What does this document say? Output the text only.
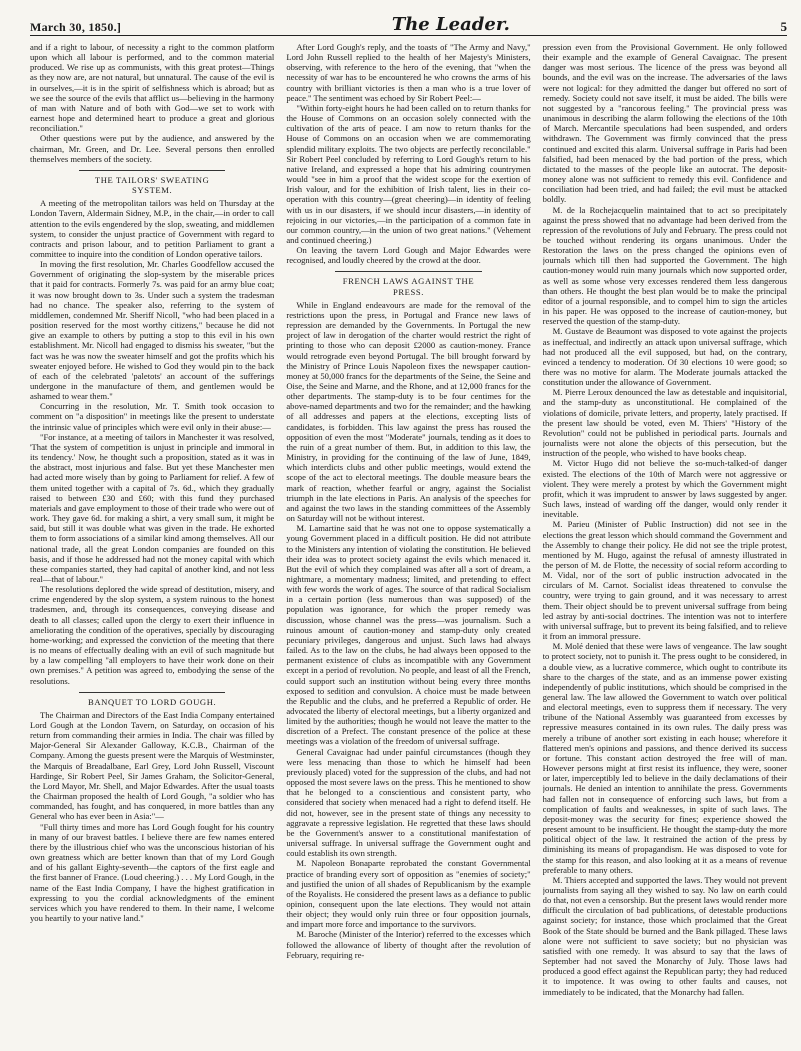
March 30, 1850.]	The Leader.	5

and if a right to labour, of necessity a right to the common platform upon which all labour is performed, and to the common material produced. We rise up as communists, with this great protest—Things as they now are, are not natural, but unnatural. The cause of the evil is in ourselves,—it is in the spirit of selfishness which is abroad; but as we see the source of the evils that afflict us—believing in the harmony of man with Nature and of both with God—we set to work with earnest hope and determined heart to produce a great and glorious reconciliation."

Other questions were put by the audience, and answered by the chairman, Mr. Green, and Dr. Lee. Several persons then enrolled themselves members of the society.

THE TAILORS' SWEATING SYSTEM.

A meeting of the metropolitan tailors was held on Thursday at the London Tavern, Aldermain Sidney, M.P., in the chair,—in order to call attention to the evils engendered by the slop, sweating, and middlemen system, to consider the unjust practice of Government with regard to contracts and prison labour, and to petition Parliament to grant a committee to inquire into the condition of London operative tailors.

In moving the first resolution, Mr. Charles Goodfellow accused the Government of originating the slop-system by the miserable prices that it paid for contracts. Formerly 7s. was paid for an army blue coat; it was now brought down to 3s. Under such a system the tradesman had no chance. The speaker also, referring to the system of middlemen, condemned Mr. Sheriff Nicoll, "who had been placed in a position reserved for the most worthy citizens," because he did not give an example to others by putting a stop to this evil in his own establishment. Mr. Nicoll had engaged to dismiss his sweater, "but the fact was he was now the sweater himself and got the profits which his sweater enjoyed before. He wished to God they would pin to the back of each of the celebrated 'paletots' an account of the sufferings undergone in the manufacture of them, and gentlemen would be ashamed to wear them."

Concurring in the resolution, Mr. T. Smith took occasion to comment on "a disposition" in meetings like the present to understate the intrinsic value of principles which were evil only in their abuse:—

"For instance, at a meeting of tailors in Manchester it was resolved, 'That the system of competition is unjust in principle and immoral in its tendency.' Now, he thought such a proposition, stated as it was in the abstract, most injurious and false. But yet these Manchester men had acted more wisely than by going to Parliament for relief. A few of them united together with a capital of 7s. 6d., which they gradually raised to between £30 and £60; with this fund they purchased materials and gave employment to those of their trade who were out of work. They gave 6d. for making a shirt, a very small sum, it might be said, but still it was double what was given in the trade. He exhorted them to form associations of a similar kind among themselves. All our national trade, all the great London companies are founded on this basis, and if those he addressed had not the money capital with which these companies started, they had capital of another kind, and not less real—that of labour."

The resolutions deplored the wide spread of destitution, misery, and crime engendered by the slop system, a system ruinous to the honest tradesmen, and, through its consequences, conveying disease and death to all classes; called upon the clergy to exert their influence in ameliorating the condition of the operatives, specially by discouraging home-working; and expressed the conviction of the meeting that there is no means of effectually dealing with an evil of such magnitude but by a law compelling "all employers to have their work done on their own premises." A petition was agreed to, embodying the sense of the resolutions.

BANQUET TO LORD GOUGH.

The Chairman and Directors of the East India Company entertained Lord Gough at the London Tavern, on Saturday, on occasion of his return from commanding their armies in India. The chair was filled by Major-General Sir Alexander Galloway, K.C.B., Chairman of the Company. Among the guests present were the Marquis of Westminster, the Marquis of Breadalbane, Earl Grey, Lord John Russell, Viscount Hardinge, Sir Robert Peel, Sir James Graham, the Solicitor-General, the Lord Mayor, Mr. Shell, and Major Edwardes. After the usual toasts the Chairman proposed the health of Lord Gough, "a soldier who has commanded, has fought, and has conquered, in more battles than any General who has ever been in Asia:"—

"Full thirty times and more has Lord Gough fought for his country in many of our bravest battles. I believe there are few names entered there by the illustrious chief who was the unconscious historian of his own greatness which are better known than that of my Lord Gough and of his gallant Eighty-seventh—the captors of the first eagle and the first banner of France. (Loud cheering.) . . . My Lord Gough, in the name of the East India Company, I have the highest gratification in expressing to you the cordial acknowledgments of the eminent services which you have rendered to them. In their name, I welcome you heartily to your native land."

After Lord Gough's reply, and the toasts of "The Army and Navy," Lord John Russell replied to the health of her Majesty's Ministers, observing, with reference to the hero of the evening, that "when the necessity of war has to be encountered he who crowns the arms of his country with brilliant victories is then a man who is a true lover of peace." The sentiment was echoed by Sir Robert Peel:—

"Within forty-eight hours he had been called on to return thanks for the House of Commons on an occasion solely connected with the cultivation of the arts of peace. I am now to return thanks for the House of Commons on an occasion when we are commemorating splendid military exploits. The two objects are perfectly reconcilable." Sir Robert Peel concluded by referring to Lord Gough's return to his native Ireland, and expressed a hope that his admiring countrymen would "see in him a proof that the widest scope for the exertion of Irish valour, and for the exhibition of Irish talent, lies in their co-operation with this country—(great cheering)—in identity of feeling with us in our disasters, if we should incur disasters,—in identity of rejoicing in our victories,—in the participation of a common fate in our common country,—in the union of two great nations." (Vehement and continued cheering.)

On leaving the tavern Lord Gough and Major Edwardes were recognised, and loudly cheered by the crowd at the door.

FRENCH LAWS AGAINST THE PRESS.

While in England endeavours are made for the removal of the restrictions upon the press, in Portugal and France new laws of repression are demanded by the Governments. In Portugal the new project of law in derogation of the charter would restrict the right of printing to those who can deposit £2000 as caution-money. France would retrograde even beyond Portugal. The bill brought forward by the Ministry of Prince Louis Napoleon fixes the newspaper caution-money at 50,000 francs for the departments of the Seine, the Seine and Oise, the Seine and Marne, and the Rhone, and at 12,000 francs for the other departments. The stamp-duty is to be four centimes for the above-named departments and two for the remainder; and the hawking of all addresses and papers at the elections, excepting lists of candidates, is forbidden. This law against the press has roused the opposition of even the most "Moderate" journals, tending as it does to the ruin of a great number of them. But, in addition to this law, the Ministry, in providing for the continuing of the law of June, 1849, which interdicts clubs and other public meetings, would extend the scope of the act to electoral meetings. The double measure bears the mark of reaction, whether fearful or angry, against the Socialist triumph in the late elections in Paris. An analysis of the speeches for and against the two laws in the standing committees of the Assembly on Saturday will not be without interest.

M. Lamartine said that he was not one to oppose systematically a young Government placed in a difficult position. He did not attribute to the Ministers any intention of violating the constitution. He believed their idea was to protect society against the evils which menaced it. But the evil of which they complained was after all a sort of dream, a nightmare, a momentary madness; limited, and pretending to effect with few words the work of ages. The source of that radical Socialism in a certain portion (less numerous than was supposed) of the population was ignorance, for which the proper remedy was discussion, whose channel was the press—was journalism. Such a ruinous amount of caution-money and stamp-duty only created pecuniary privileges, dangerous and unjust. Such laws had always failed. As to the law on the clubs, he had always been opposed to the permanent existence of clubs as incompatible with any Government except in a period of revolution. No people, and least of all the French, could support such an institution without being every three months exposed to sedition and convulsion. A choice must be made between the Republic and the clubs, and he preferred a Republic of order. He advocated the liberty of electoral meetings, but a liberty organized and limited by the authorities; though he would not leave the matter to the discretion of a Prefect. The constant presence of the police at these meetings was a violation of the freedom of universal suffrage.

General Cavaignac had under painful circumstances (though they were less menacing than those to which he himself had been previously placed) voted for the suppression of the clubs, and had not opposed the most severe laws on the press. This he mentioned to show that he belonged to a conscientious and consistent party, who considered that society when menaced had a right to defend itself. He did not, however, see in the present state of things any necessity to aggravate a repressive legislation. He regretted that these laws should be the Government's answer to a constitutional manifestation of universal suffrage. In universal suffrage the Government ought and could establish its own strength.

M. Napoleon Bonaparte reprobated the constant Governmental practice of branding every sort of opposition as "enemies of society;" and justified the union of all shades of Republicanism by the example of the Royalists. He considered the present laws as a defiance to public opinion, consequent upon the late elections. They would not attain their object; they would only ruin three or four opposition journals, and impart more force and importance to the survivors.

M. Baroche (Minister of the Interior) referred to the excesses which followed the allowance of liberty of thought after the revolution of February, requiring re-

pression even from the Provisional Government. He only followed their example and the example of General Cavaignac. The present danger was most serious. The licence of the press was beyond all bounds, and the evil was on the increase. The adversaries of the laws were not logical: for they admitted the danger but offered no sort of remedy. Society could not save itself, it must be aided. The bills were not suggested by a "rancorous feeling." The provincial press was unanimous in describing the alarm following the elections of the 10th of March. Mercantile speculations had been suspended, and orders withdrawn. The Government was firmly convinced that the press continued and excited this alarm. Universal suffrage in Paris had been falsified, had been menaced by the bad portion of the press, which dictated to the masses of the people like an autocrat. The deposit-money alone was not sufficient to remedy this evil. Confidence and conciliation had been tried, and had failed; the evil must be attacked boldly.

M. de la Rochejacquelin maintained that to act so precipitately against the press showed that no advantage had been derived from the repression of the revolutions of July and February. The press could not be touched without rendering its organs unanimous. Under the Restoration the laws on the press changed the opinions even of journals which till then had supported the Government. The high caution-money would ruin many journals which now supported order, as well as some whose very excesses rendered them less dangerous than others. He thought the best plan would be to make the principal editor of a journal responsible, and to compel him to sign the articles in his paper. He was opposed to the increase of caution-money, but reserved the question of the stamp-duty.

M. Gustave de Beaumont was disposed to vote against the projects as ineffectual, and indirectly an attack upon universal suffrage, which had not produced all the evil supposed, but had, on the contrary, evinced a tendency to moderation. Of 30 elections 10 were good; so there was no motive for alarm. The Moderate journals attacked the constitution under the allowance of Government.

M. Pierre Leroux denounced the law as detestable and inquisitorial, and the stamp-duty as unconstitutional. He complained of the violations of domicile, private letters, and property, lately practised. If the present law should be voted, even M. Thiers' "History of the Revolution" could not be published in periodical parts. Journals and journalists were not alone the objects of this persecution, but the instruction of the people, who wished to have books cheap.

M. Victor Hugo did not believe the so-much-talked-of danger existed. The elections of the 10th of March were not aggressive or violent. They were merely a protest by which the Government might profit, which it was imprudent to answer by laws suggested by anger. Such laws, instead of warding off the danger, would only render it inevitable.

M. Parieu (Minister of Public Instruction) did not see in the elections the great lesson which should command the Government and the Assembly to change their policy. He did not see the triple protest, mentioned by M. Hugo, against the refusal of amnesty illustrated in the person of M. de Flotte, the necessity of social reform according to M. Vidal, nor of the sort of public instruction advocated in the circulars of M. Carnot. Socialist ideas threatened to convulse the country, were trying to gain ground, and it was necessary to arrest them. Their object should be to prevent universal suffrage from being led astray by anti-social doctrines. The intention was not to interfere with universal suffrage, but to prevent its being falsified, and to relieve it from an immoral pressure.

M. Molé denied that these were laws of vengeance. The law sought to protect society, not to punish it. The press ought to be considered, in a double view, as a lucrative commerce, which ought to contribute its share to the charges of the state, and as an immense power existing independently of public institutions, which should be comprised in the general law. The law allowed the Government to watch over political and electoral meetings, even to suppress them if necessary. The very tribune of the National Assembly was guaranteed from excesses by repressive measures contained in its own rules. The daily press was merely a tribune of another sort existing in each house; wherefore it flattered men's opinions and passions, and thence derived its success or fortune. This constant action destroyed the free will of man. However persons might at first resist its influence, they were, sooner or later, imperceptibly led to believe in the daily declamations of their journals. He denied an intention to annihilate the press. Governments had fallen not in consequence of enforcing such laws, but from a complication of faults and weaknesses, in spite of such laws. The deposit-money was the security for fines; experience showed the present amount to be insufficient. He thought the stamp-duty the more political object of the law. It restrained the action of the press by diminishing its means of propagandism. He was disposed to vote for the stamp for this reason, and also looking at it as a means of revenue preferable to many others.

M. Thiers accepted and supported the laws. They would not prevent journalists from saying all they wished to say. No law on earth could do that, not even a censorship. But the present laws would render more difficult the circulation of bad publications, of detestable productions against society; for instance, those which proclaimed that the Great Book of the State should be burned and the Bank pillaged. These laws alone were not sufficient to save society; but no physician was satisfied with one remedy. It was absurd to say that the laws of September had not saved the Monarchy of July. Those laws had produced a good effect against the Republican party; they had reduced it to impotence. It was owing to other faults and causes, not immediately to be indicated, that the Monarchy had fallen.
